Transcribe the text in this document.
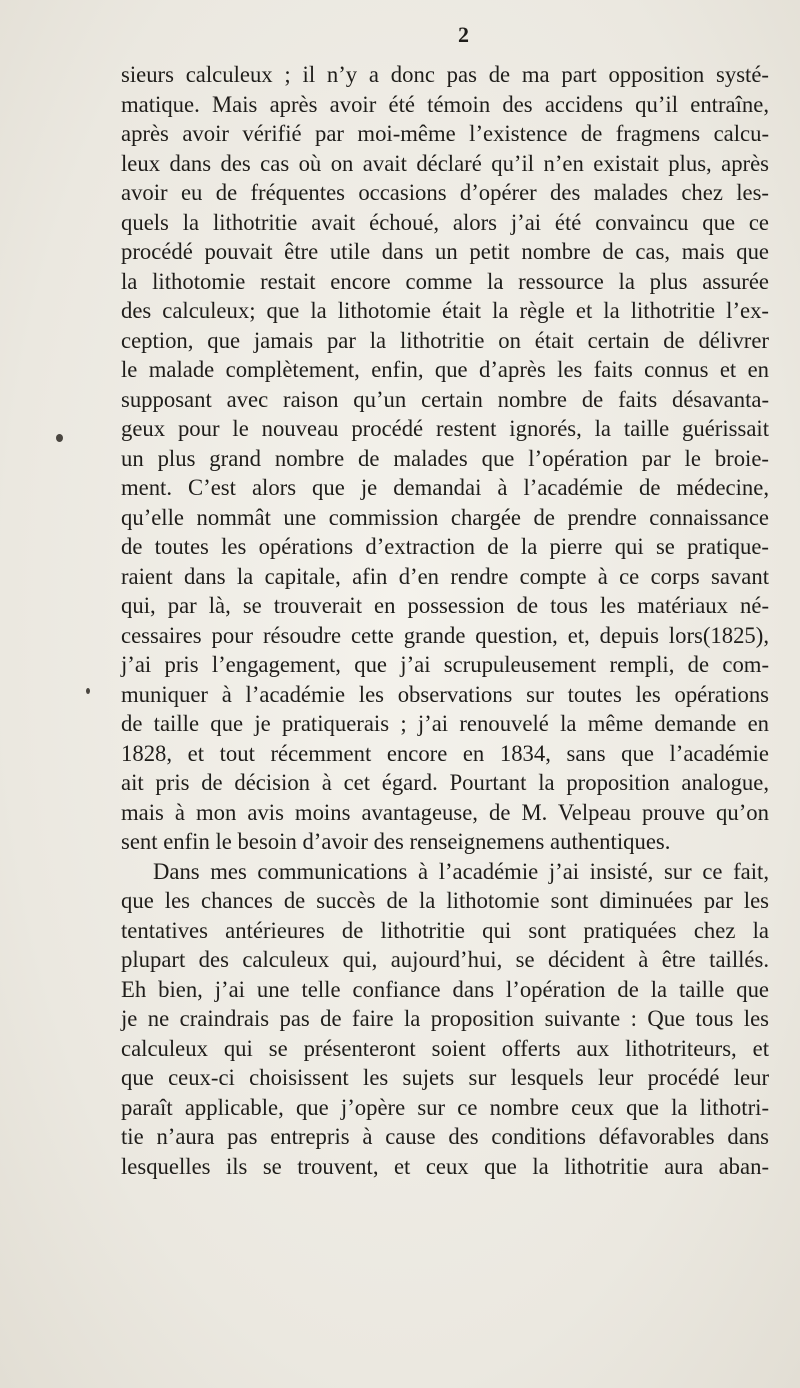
2
sieurs calculeux ; il n’y a donc pas de ma part opposition systé-
matique. Mais après avoir été témoin des accidens qu’il entraîne,
après avoir vérifié par moi-même l’existence de fragmens calcu-
leux dans des cas où on avait déclaré qu’il n’en existait plus, après
avoir eu de fréquentes occasions d’opérer des malades chez les-
quels la lithotritie avait échoué, alors j’ai été convaincu que ce
procédé pouvait être utile dans un petit nombre de cas, mais que
la lithotomie restait encore comme la ressource la plus assurée
des calculeux; que la lithotomie était la règle et la lithotritie l’ex-
ception, que jamais par la lithotritie on était certain de délivrer
le malade complètement, enfin, que d’après les faits connus et en
supposant avec raison qu’un certain nombre de faits désavanta-
geux pour le nouveau procédé restent ignorés, la taille guérissait
un plus grand nombre de malades que l’opération par le broie-
ment. C’est alors que je demandai à l’académie de médecine,
qu’elle nommât une commission chargée de prendre connaissance
de toutes les opérations d’extraction de la pierre qui se pratique-
raient dans la capitale, afin d’en rendre compte à ce corps savant
qui, par là, se trouverait en possession de tous les matériaux né-
cessaires pour résoudre cette grande question, et, depuis lors(1825),
j’ai pris l’engagement, que j’ai scrupuleusement rempli, de com-
muniquer à l’académie les observations sur toutes les opérations
de taille que je pratiquerais ; j’ai renouvelé la même demande en
1828, et tout récemment encore en 1834, sans que l’académie
ait pris de décision à cet égard. Pourtant la proposition analogue,
mais à mon avis moins avantageuse, de M. Velpeau prouve qu’on
sent enfin le besoin d’avoir des renseignemens authentiques.
Dans mes communications à l’académie j’ai insisté, sur ce fait,
que les chances de succès de la lithotomie sont diminuées par les
tentatives antérieures de lithotritie qui sont pratiquées chez la
plupart des calculeux qui, aujourd’hui, se décident à être taillés.
Eh bien, j’ai une telle confiance dans l’opération de la taille que
je ne craindrais pas de faire la proposition suivante : Que tous les
calculeux qui se présenteront soient offerts aux lithotriteurs, et
que ceux-ci choisissent les sujets sur lesquels leur procédé leur
paraît applicable, que j’opère sur ce nombre ceux que la lithotri-
tie n’aura pas entrepris à cause des conditions défavorables dans
lesquelles ils se trouvent, et ceux que la lithotritie aura aban-
